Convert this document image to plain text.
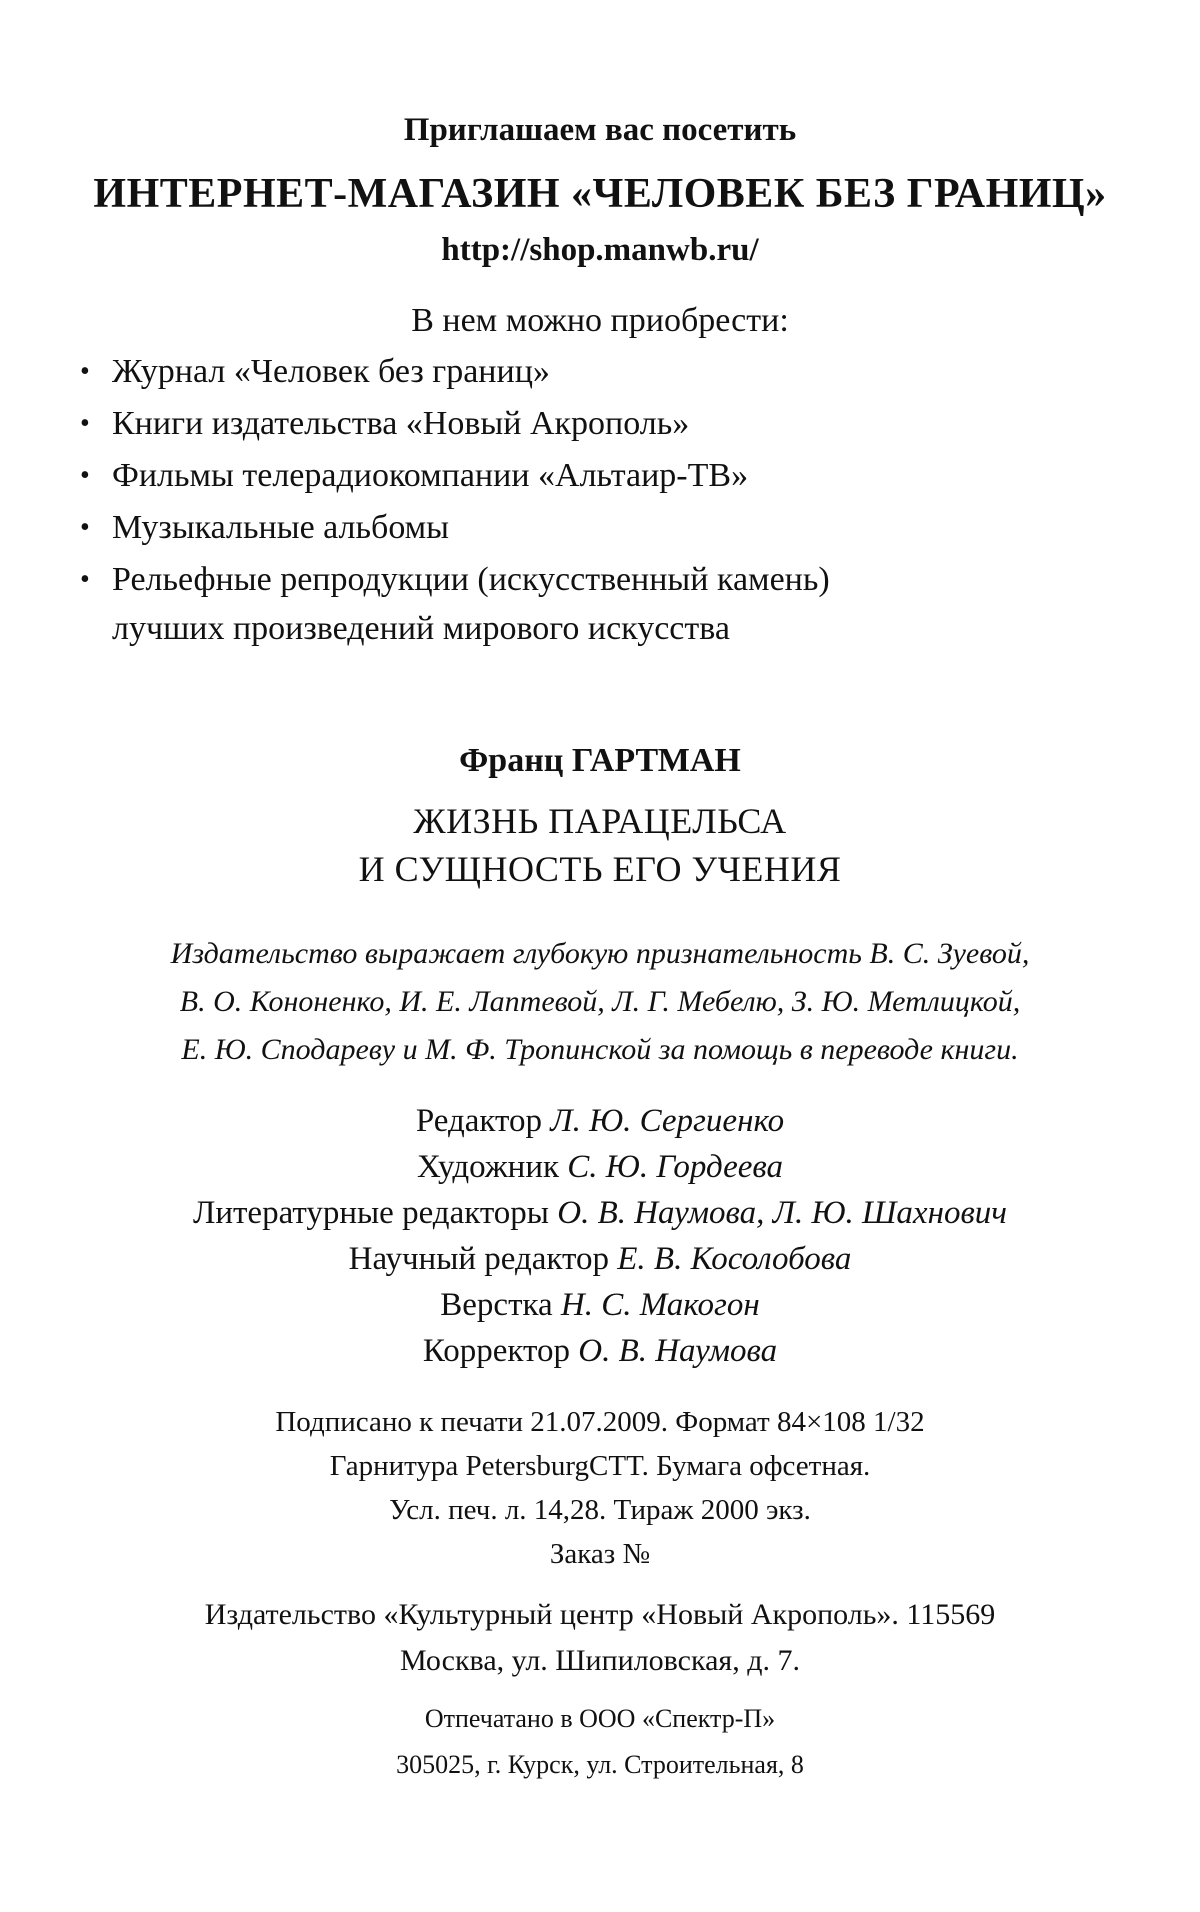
Приглашаем вас посетить
ИНТЕРНЕТ-МАГАЗИН «ЧЕЛОВЕК БЕЗ ГРАНИЦ»
http://shop.manwb.ru/
В нем можно приобрести:
• Журнал «Человек без границ»
• Книги издательства «Новый Акрополь»
• Фильмы телерадиокомпании «Альтаир-ТВ»
• Музыкальные альбомы
• Рельефные репродукции (искусственный камень)
лучших произведений мирового искусства
Франц ГАРТМАН
ЖИЗНЬ ПАРАЦЕЛЬСА
И СУЩНОСТЬ ЕГО УЧЕНИЯ
Издательство выражает глубокую признательность В. С. Зуевой,
В. О. Кононенко, И. Е. Лаптевой, Л. Г. Мебелю, З. Ю. Метлицкой,
Е. Ю. Сподареву и М. Ф. Тропинской за помощь в переводе книги.
Редактор Л. Ю. Сергиенко
Художник С. Ю. Гордеева
Литературные редакторы О. В. Наумова, Л. Ю. Шахнович
Научный редактор Е. В. Косолобова
Верстка Н. С. Макогон
Корректор О. В. Наумова
Подписано к печати 21.07.2009. Формат 84×108 1/32
Гарнитура PetersburgCTT. Бумага офсетная.
Усл. печ. л. 14,28. Тираж 2000 экз.
Заказ №
Издательство «Культурный центр «Новый Акрополь». 115569
Москва, ул. Шипиловская, д. 7.
Отпечатано в ООО «Спектр-П»
305025, г. Курск, ул. Строительная, 8
